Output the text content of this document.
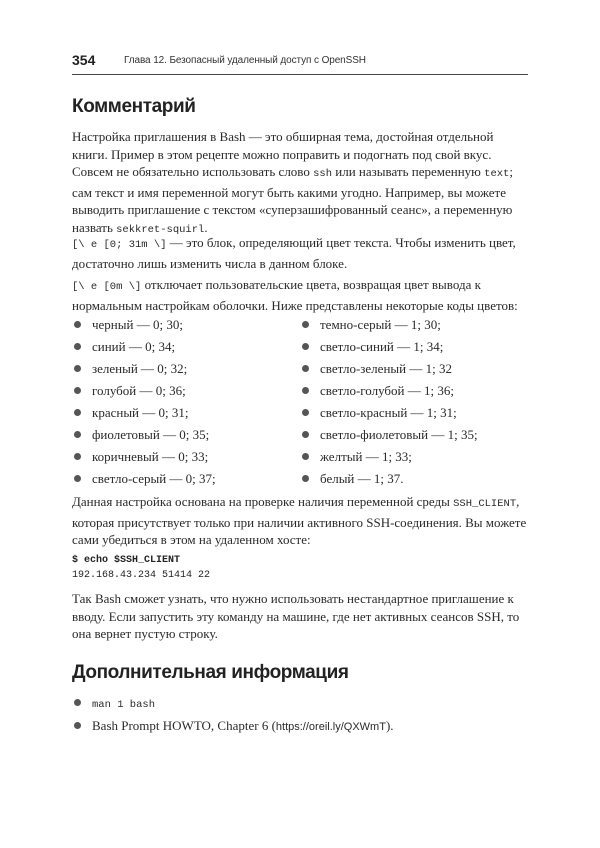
354	Глава 12. Безопасный удаленный доступ с OpenSSH
Комментарий

Настройка приглашения в Bash — это обширная тема, достойная отдельной книги. Пример в этом рецепте можно поправить и подогнать под свой вкус. Совсем не обязательно использовать слово ssh или называть переменную text; сам текст и имя переменной могут быть какими угодно. Например, вы можете выводить приглашение с текстом «суперзашифрованный сеанс», а переменную назвать sekkret-squirl.

[\ e [0; 31m \] — это блок, определяющий цвет текста. Чтобы изменить цвет, достаточно лишь изменить числа в данном блоке.

[\ e [0m \] отключает пользовательские цвета, возвращая цвет вывода к нормальным настройкам оболочки. Ниже представлены некоторые коды цветов:

черный — 0; 30;
синий — 0; 34;
зеленый — 0; 32;
голубой — 0; 36;
красный — 0; 31;
фиолетовый — 0; 35;
коричневый — 0; 33;
светло-серый — 0; 37;
темно-серый — 1; 30;
светло-синий — 1; 34;
светло-зеленый — 1; 32
светло-голубой — 1; 36;
светло-красный — 1; 31;
светло-фиолетовый — 1; 35;
желтый — 1; 33;
белый — 1; 37.

Данная настройка основана на проверке наличия переменной среды SSH_CLIENT, которая присутствует только при наличии активного SSH-соединения. Вы можете сами убедиться в этом на удаленном хосте:

$ echo $SSH_CLIENT
192.168.43.234 51414 22

Так Bash сможет узнать, что нужно использовать нестандартное приглашение к вводу. Если запустить эту команду на машине, где нет активных сеансов SSH, то она вернет пустую строку.

Дополнительная информация
man 1 bash
Bash Prompt HOWTO, Chapter 6 (https://oreil.ly/QXWmT).
